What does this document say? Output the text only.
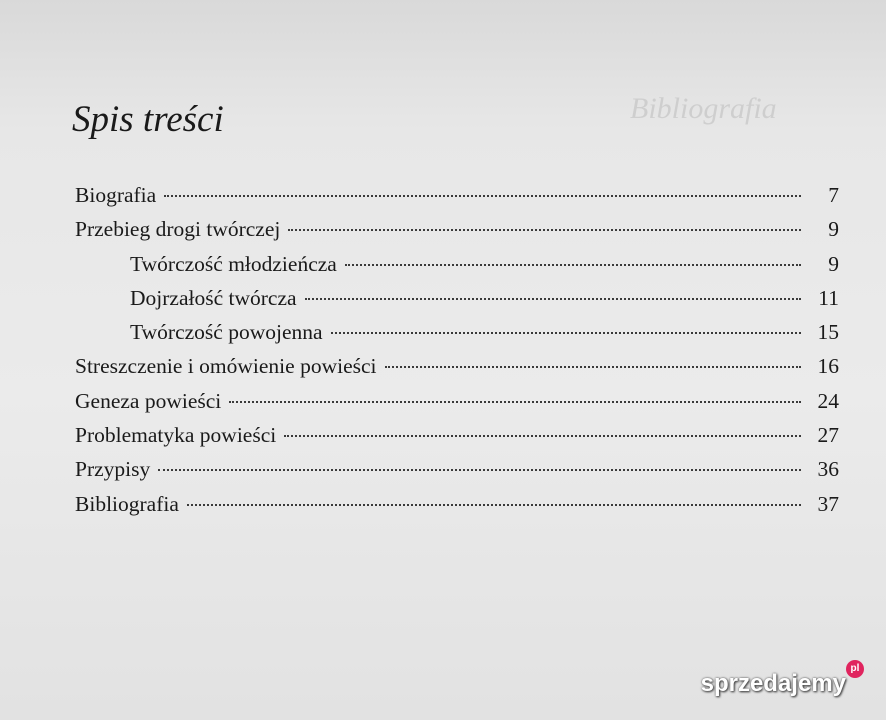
Bibliografia
Spis treści
Biografia	7
Przebieg drogi twórczej	9
Twórczość młodzieńcza	9
Dojrzałość twórcza	11
Twórczość powojenna	15
Streszczenie i omówienie powieści	16
Geneza powieści	24
Problematyka powieści	27
Przypisy	36
Bibliografia	37
sprzedajemy
pl
